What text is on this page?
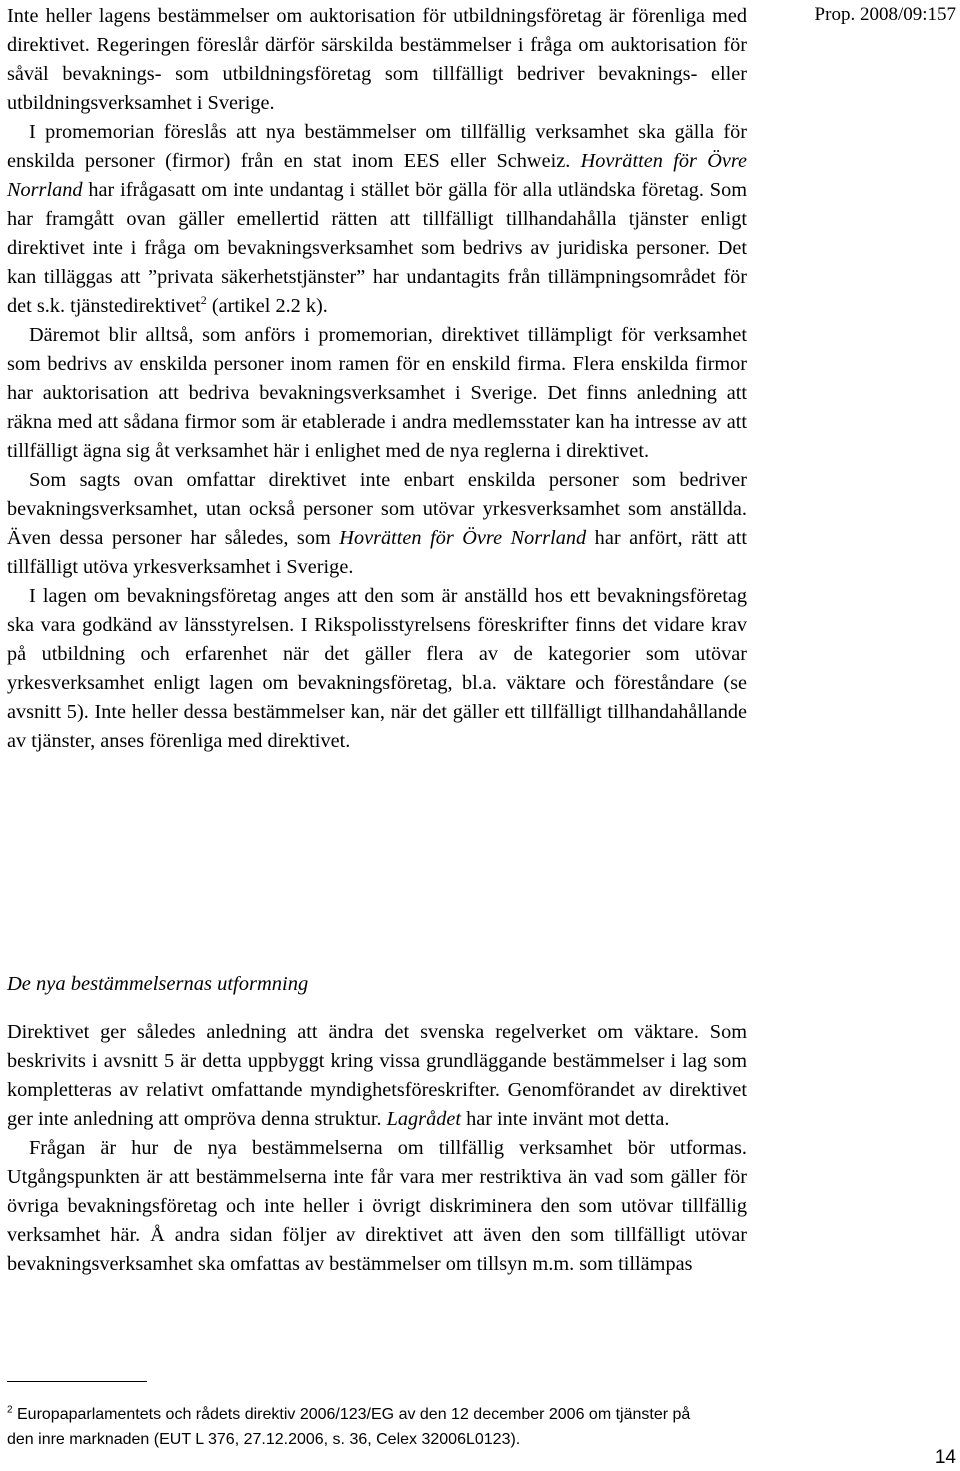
Prop. 2008/09:157

Inte heller lagens bestämmelser om auktorisation för utbildningsföretag är förenliga med direktivet. Regeringen föreslår därför särskilda bestämmelser i fråga om auktorisation för såväl bevaknings- som utbildningsföretag som tillfälligt bedriver bevaknings- eller utbildningsverksamhet i Sverige.

I promemorian föreslås att nya bestämmelser om tillfällig verksamhet ska gälla för enskilda personer (firmor) från en stat inom EES eller Schweiz. Hovrätten för Övre Norrland har ifrågasatt om inte undantag i stället bör gälla för alla utländska företag. Som har framgått ovan gäller emellertid rätten att tillfälligt tillhandahålla tjänster enligt direktivet inte i fråga om bevakningsverksamhet som bedrivs av juridiska personer. Det kan tilläggas att ”privata säkerhetstjänster” har undantagits från tillämpningsområdet för det s.k. tjänstedirektivet$^2$ (artikel 2.2 k).

Däremot blir alltså, som anförs i promemorian, direktivet tillämpligt för verksamhet som bedrivs av enskilda personer inom ramen för en enskild firma. Flera enskilda firmor har auktorisation att bedriva bevakningsverksamhet i Sverige. Det finns anledning att räkna med att sådana firmor som är etablerade i andra medlemsstater kan ha intresse av att tillfälligt ägna sig åt verksamhet här i enlighet med de nya reglerna i direktivet.

Som sagts ovan omfattar direktivet inte enbart enskilda personer som bedriver bevakningsverksamhet, utan också personer som utövar yrkesverksamhet som anställda. Även dessa personer har således, som Hovrätten för Övre Norrland har anfört, rätt att tillfälligt utöva yrkesverksamhet i Sverige.

I lagen om bevakningsföretag anges att den som är anställd hos ett bevakningsföretag ska vara godkänd av länsstyrelsen. I Rikspolisstyrelsens föreskrifter finns det vidare krav på utbildning och erfarenhet när det gäller flera av de kategorier som utövar yrkesverksamhet enligt lagen om bevakningsföretag, bl.a. väktare och föreståndare (se avsnitt 5). Inte heller dessa bestämmelser kan, när det gäller ett tillfälligt tillhandahållande av tjänster, anses förenliga med direktivet.

De nya bestämmelsernas utformning

Direktivet ger således anledning att ändra det svenska regelverket om väktare. Som beskrivits i avsnitt 5 är detta uppbyggt kring vissa grundläggande bestämmelser i lag som kompletteras av relativt omfattande myndighetsföreskrifter. Genomförandet av direktivet ger inte anledning att ompröva denna struktur. Lagrådet har inte invänt mot detta.

Frågan är hur de nya bestämmelserna om tillfällig verksamhet bör utformas. Utgångspunkten är att bestämmelserna inte får vara mer restriktiva än vad som gäller för övriga bevakningsföretag och inte heller i övrigt diskriminera den som utövar tillfällig verksamhet här. Å andra sidan följer av direktivet att även den som tillfälligt utövar bevakningsverksamhet ska omfattas av bestämmelser om tillsyn m.m. som tillämpas

$^2$ Europaparlamentets och rådets direktiv 2006/123/EG av den 12 december 2006 om tjänster på den inre marknaden (EUT L 376, 27.12.2006, s. 36, Celex 32006L0123).
14
